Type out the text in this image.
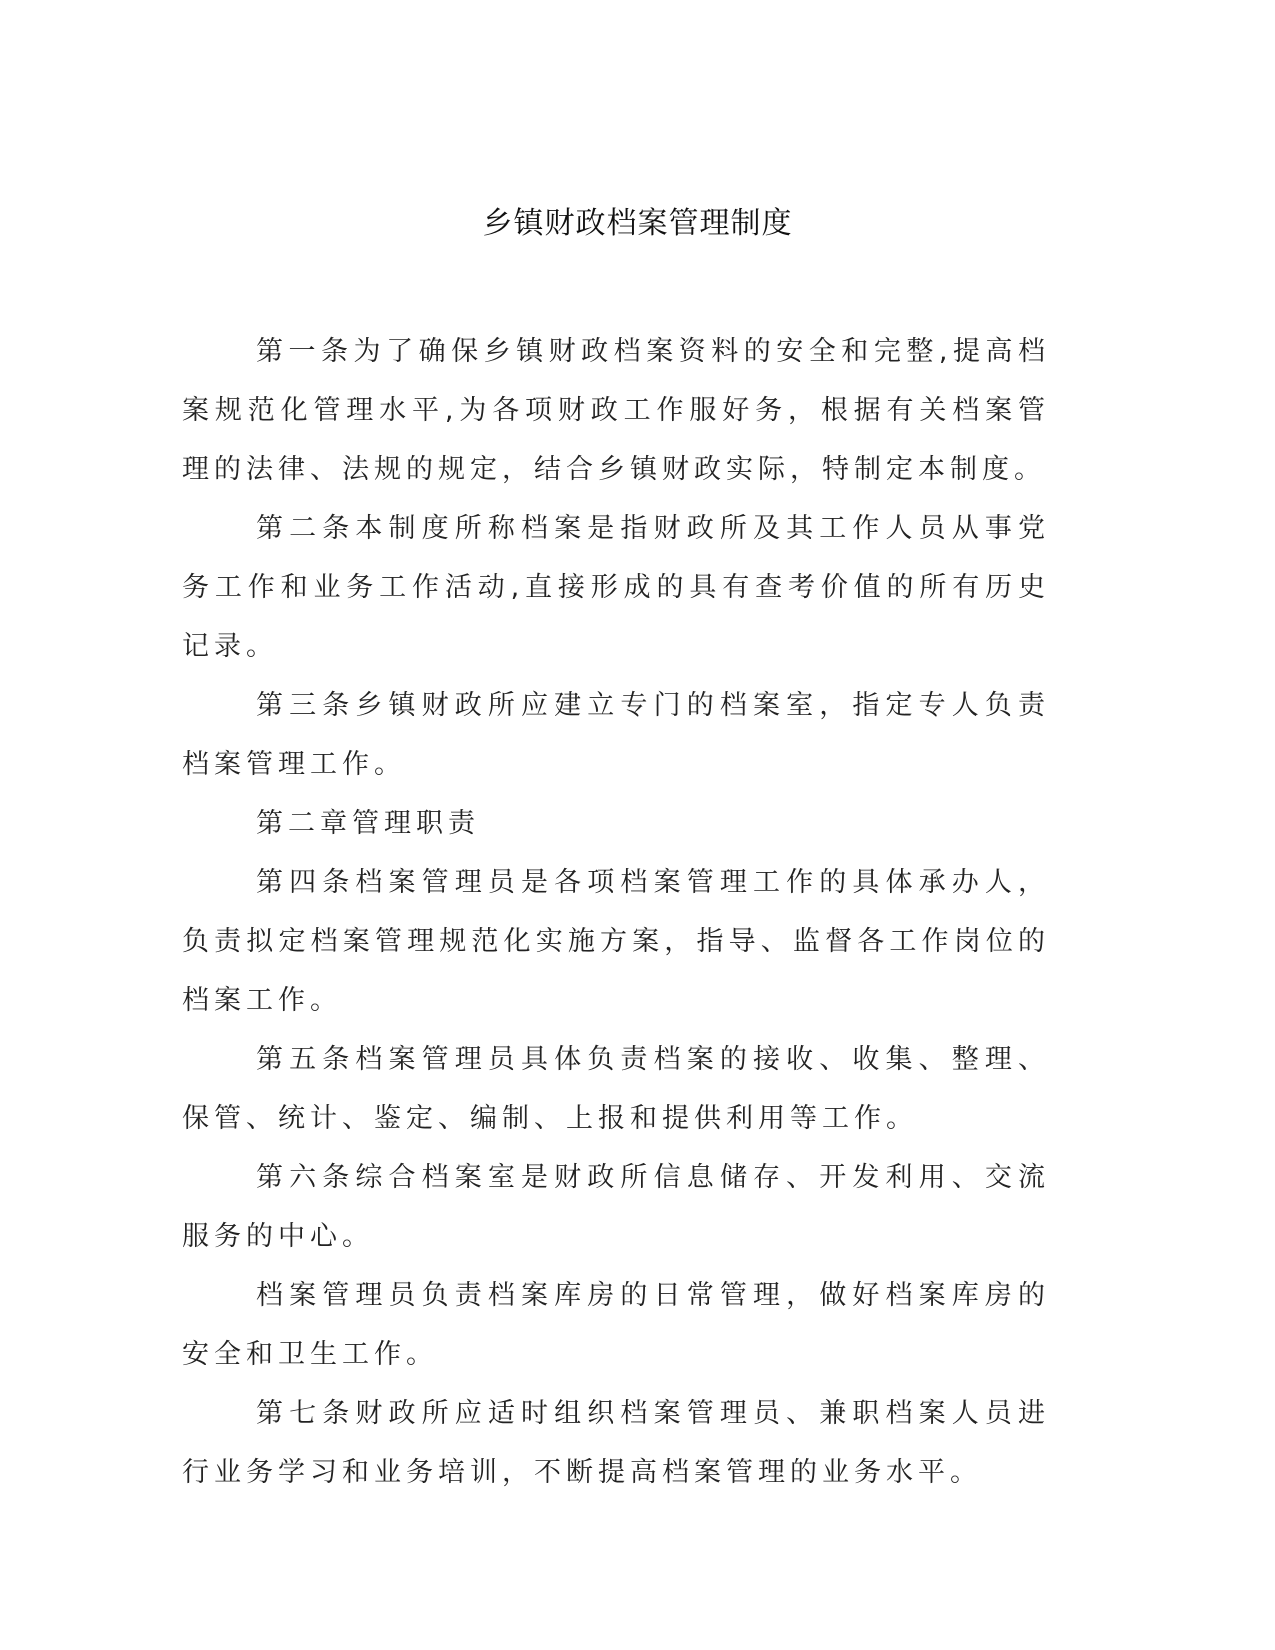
乡镇财政档案管理制度

第一条为了确保乡镇财政档案资料的安全和完整,提高档案规范化管理水平,为各项财政工作服好务，根据有关档案管理的法律、法规的规定，结合乡镇财政实际，特制定本制度。

第二条本制度所称档案是指财政所及其工作人员从事党务工作和业务工作活动,直接形成的具有查考价值的所有历史记录。

第三条乡镇财政所应建立专门的档案室，指定专人负责档案管理工作。

第二章管理职责

第四条档案管理员是各项档案管理工作的具体承办人，负责拟定档案管理规范化实施方案，指导、监督各工作岗位的档案工作。

第五条档案管理员具体负责档案的接收、收集、整理、保管、统计、鉴定、编制、上报和提供利用等工作。

第六条综合档案室是财政所信息储存、开发利用、交流服务的中心。

档案管理员负责档案库房的日常管理，做好档案库房的安全和卫生工作。

第七条财政所应适时组织档案管理员、兼职档案人员进行业务学习和业务培训，不断提高档案管理的业务水平。
